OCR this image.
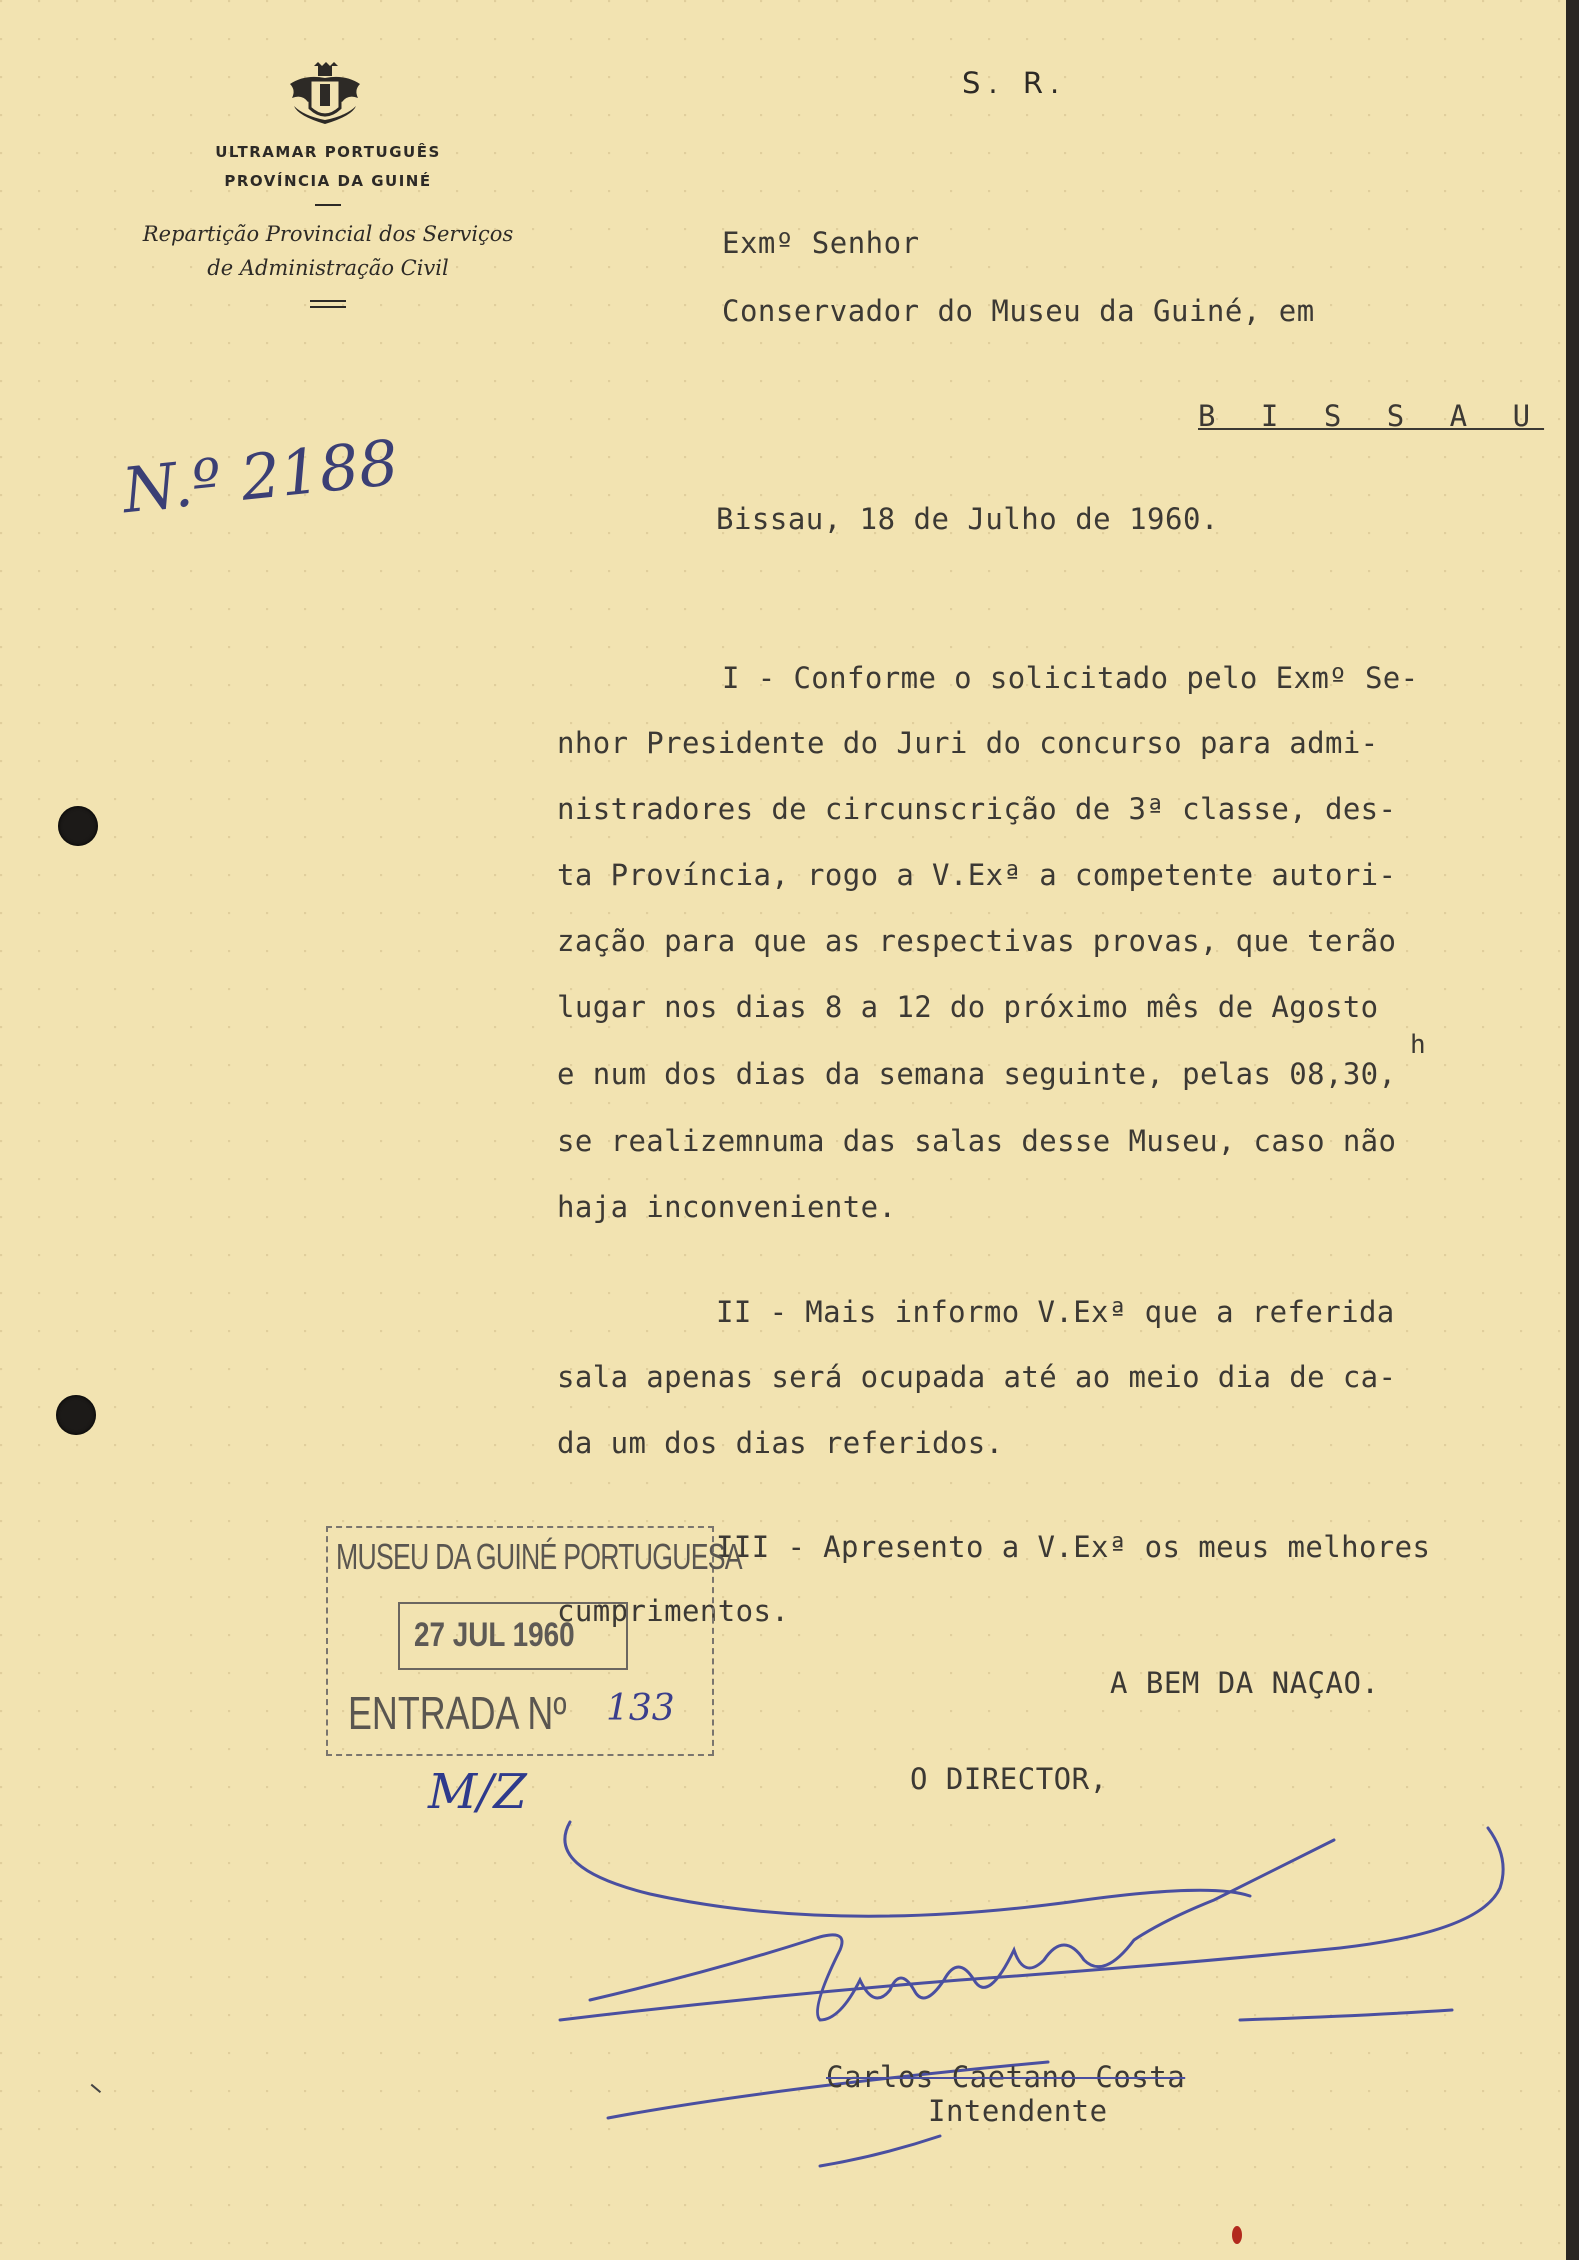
ULTRAMAR PORTUGUÊS
PROVÍNCIA DA GUINÉ
Repartição Provincial dos Serviços
de Administração Civil
S. R.
N.º 2188
Exmº Senhor
Conservador do Museu da Guiné, em
B I S S A U
Bissau, 18 de Julho de 1960.
I - Conforme o solicitado pelo Exmº Se-
nhor Presidente do Juri do concurso para admi-
nistradores de circunscrição de 3ª classe, des-
ta Província, rogo a V.Exª a competente autori-
zação para que as respectivas provas, que terão
lugar nos dias 8 a 12 do próximo mês de Agosto
h
e num dos dias da semana seguinte, pelas 08,30,
se realizemnuma das salas desse Museu, caso não
haja inconveniente.
II - Mais informo V.Exª que a referida
sala apenas será ocupada até ao meio dia de ca-
da um dos dias referidos.
III - Apresento a V.Exª os meus melhores
cumprimentos.
MUSEU DA GUINÉ PORTUGUESA
27 JUL 1960
ENTRADA Nº 133
M/Z
A BEM DA NAÇAO.
O DIRECTOR,
Carlos Caetano Costa
Intendente
